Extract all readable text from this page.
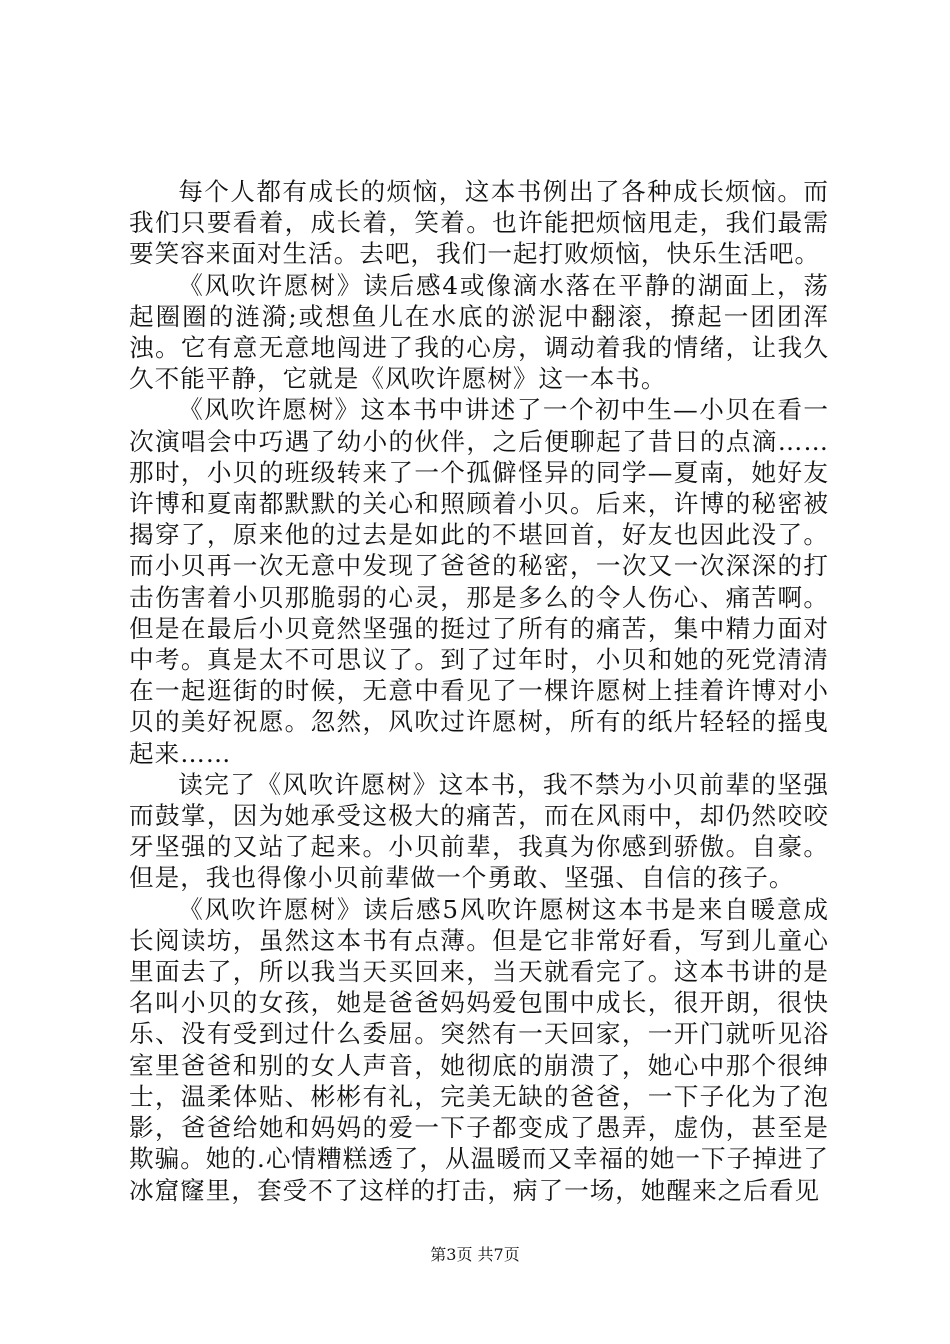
每个人都有成长的烦恼，这本书例出了各种成长烦恼。而我们只要看着，成长着，笑着。也许能把烦恼甩走，我们最需要笑容来面对生活。去吧，我们一起打败烦恼，快乐生活吧。

《风吹许愿树》读后感4或像滴水落在平静的湖面上，荡起圈圈的涟漪;或想鱼儿在水底的淤泥中翻滚，撩起一团团浑浊。它有意无意地闯进了我的心房，调动着我的情绪，让我久久不能平静，它就是《风吹许愿树》这一本书。

《风吹许愿树》这本书中讲述了一个初中生—小贝在看一次演唱会中巧遇了幼小的伙伴，之后便聊起了昔日的点滴……那时，小贝的班级转来了一个孤僻怪异的同学—夏南，她好友许博和夏南都默默的关心和照顾着小贝。后来，许博的秘密被揭穿了，原来他的过去是如此的不堪回首，好友也因此没了。而小贝再一次无意中发现了爸爸的秘密，一次又一次深深的打击伤害着小贝那脆弱的心灵，那是多么的令人伤心、痛苦啊。但是在最后小贝竟然坚强的挺过了所有的痛苦，集中精力面对中考。真是太不可思议了。到了过年时，小贝和她的死党清清在一起逛街的时候，无意中看见了一棵许愿树上挂着许博对小贝的美好祝愿。忽然，风吹过许愿树，所有的纸片轻轻的摇曳起来……

读完了《风吹许愿树》这本书，我不禁为小贝前辈的坚强而鼓掌，因为她承受这极大的痛苦，而在风雨中，却仍然咬咬牙坚强的又站了起来。小贝前辈，我真为你感到骄傲。自豪。但是，我也得像小贝前辈做一个勇敢、坚强、自信的孩子。

《风吹许愿树》读后感5风吹许愿树这本书是来自暖意成长阅读坊，虽然这本书有点薄。但是它非常好看，写到儿童心里面去了，所以我当天买回来，当天就看完了。这本书讲的是名叫小贝的女孩，她是爸爸妈妈爱包围中成长，很开朗，很快乐、没有受到过什么委屈。突然有一天回家，一开门就听见浴室里爸爸和别的女人声音，她彻底的崩溃了，她心中那个很绅士，温柔体贴、彬彬有礼，完美无缺的爸爸，一下子化为了泡影，爸爸给她和妈妈的爱一下子都变成了愚弄，虚伪，甚至是欺骗。她的.心情糟糕透了，从温暖而又幸福的她一下子掉进了冰窟窿里，套受不了这样的打击，病了一场，她醒来之后看见

第3页 共7页
